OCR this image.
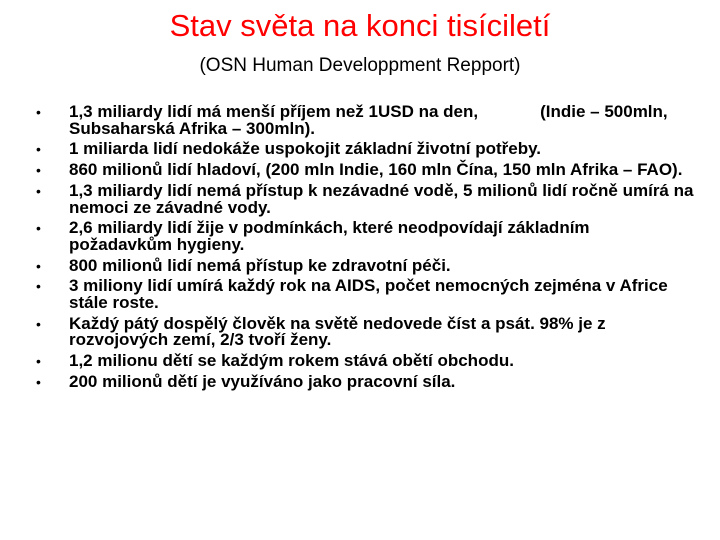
Stav světa na konci tisíciletí
(OSN Human Developpment Repport)
•	1,3 miliardy lidí má menší příjem než 1USD na den,	(Indie – 500mln, Subsaharská Afrika – 300mln).
•	1 miliarda lidí nedokáže uspokojit základní životní potřeby.
•	860 milionů lidí hladoví, (200 mln Indie, 160 mln Čína, 150 mln Afrika – FAO).
•	1,3 miliardy lidí nemá přístup k nezávadné vodě, 5 milionů lidí ročně umírá na nemoci ze závadné vody.
•	2,6 miliardy lidí žije v podmínkách, které neodpovídají základním požadavkům hygieny.
•	800 milionů lidí nemá přístup ke zdravotní péči.
•	3 miliony lidí umírá každý rok na AIDS, počet nemocných zejména v Africe stále roste.
•	Každý pátý dospělý člověk na světě nedovede číst a psát. 98% je z rozvojových zemí, 2/3 tvoří ženy.
•	1,2 milionu dětí se každým rokem stává obětí obchodu.
•	200 milionů dětí je využíváno jako pracovní síla.
